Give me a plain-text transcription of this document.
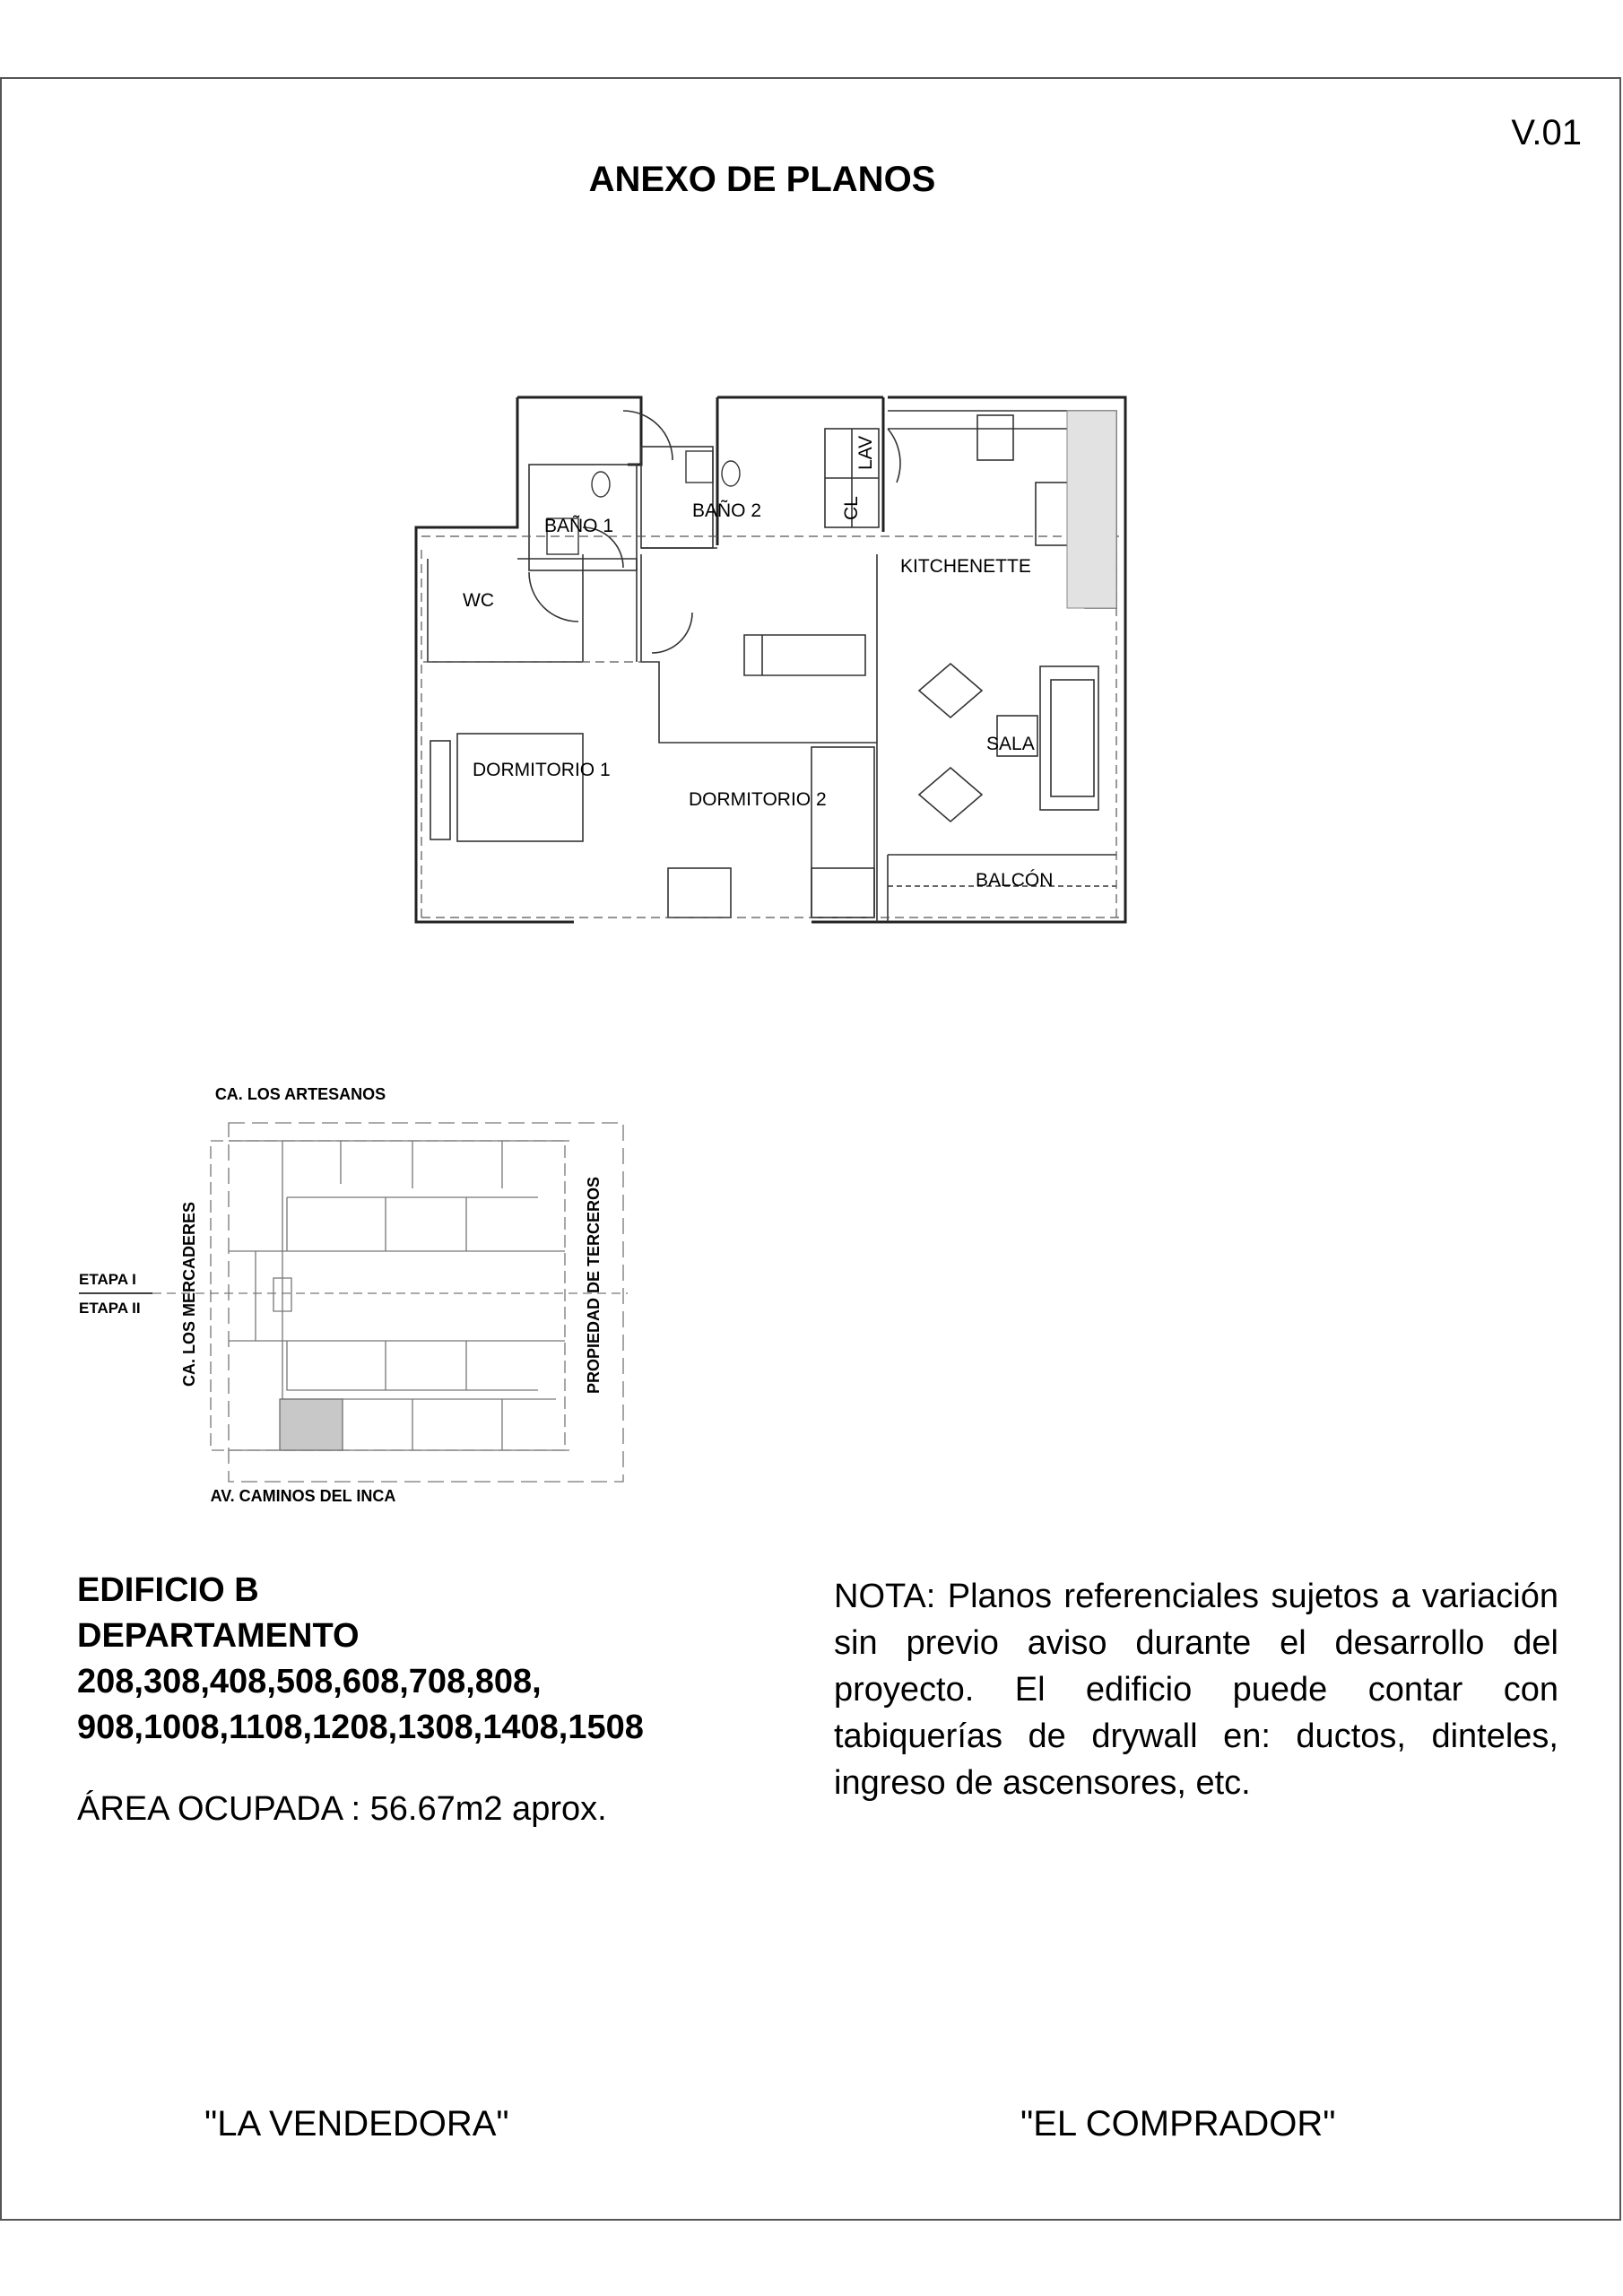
V.01
ANEXO DE PLANOS
BAÑO 1
BAÑO 2
WC
CL
LAV
KITCHENETTE
SALA
DORMITORIO 1
DORMITORIO 2
BALCÓN
CA. LOS ARTESANOS
AV. CAMINOS DEL INCA
CA. LOS MERCADERES	PROPIEDAD DE TERCEROS
ETAPA I
ETAPA II
EDIFICIO B
DEPARTAMENTO
208,308,408,508,608,708,808,
908,1008,1108,1208,1308,1408,1508
ÁREA OCUPADA : 56.67m2 aprox.
NOTA: Planos referenciales sujetos a variación sin previo aviso durante el desarrollo del proyecto. El edificio puede contar con tabiquerías de drywall en: ductos, dinteles, ingreso de ascensores, etc.
"LA VENDEDORA"	"EL COMPRADOR"
